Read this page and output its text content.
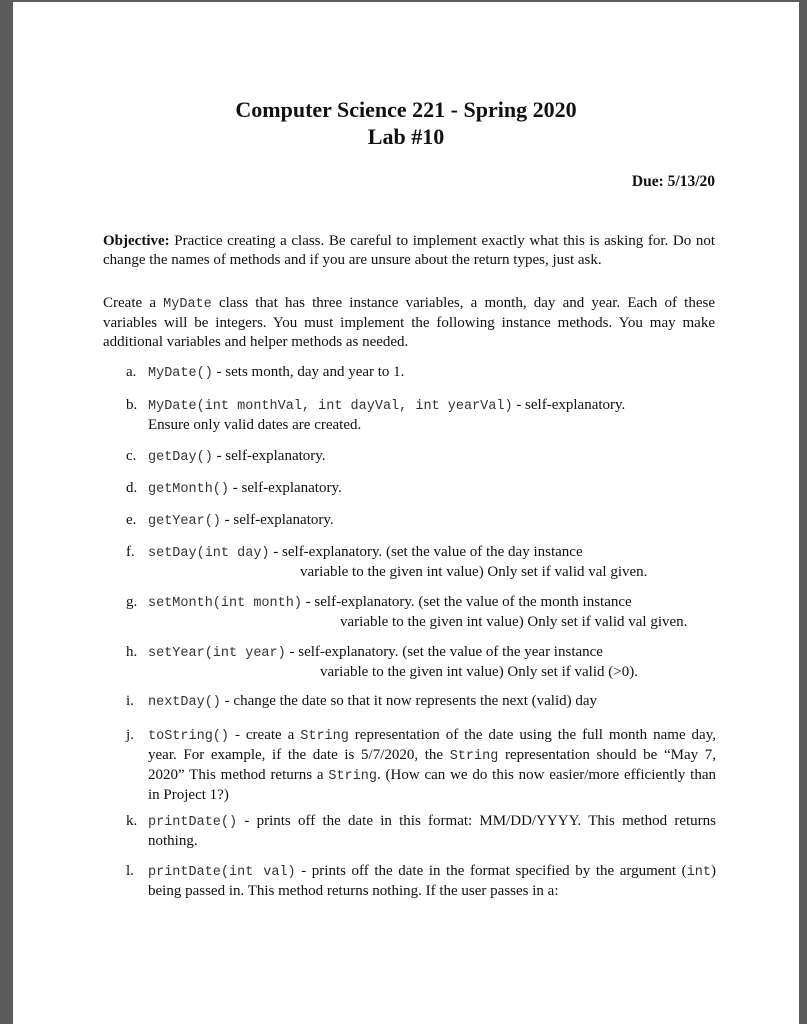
Computer Science 221 - Spring 2020
Lab #10
Due: 5/13/20
Objective: Practice creating a class. Be careful to implement exactly what this is asking for. Do not change the names of methods and if you are unsure about the return types, just ask.
Create a MyDate class that has three instance variables, a month, day and year. Each of these variables will be integers. You must implement the following instance methods. You may make additional variables and helper methods as needed.
a. MyDate() - sets month, day and year to 1.
b. MyDate(int monthVal, int dayVal, int yearVal) - self-explanatory.
Ensure only valid dates are created.
c. getDay() - self-explanatory.
d. getMonth() - self-explanatory.
e. getYear() - self-explanatory.
f. setDay(int day) - self-explanatory. (set the value of the day instance
variable to the given int value) Only set if valid val given.
g. setMonth(int month) - self-explanatory. (set the value of the month instance
variable to the given int value) Only set if valid val given.
h. setYear(int year) - self-explanatory. (set the value of the year instance
variable to the given int value) Only set if valid (>0).
i.	nextDay() - change the date so that it now represents the next (valid) day
j.	toString() - create a String representation of the date using the full month name day, year. For example, if the date is 5/7/2020, the String representation should be “May 7, 2020” This method returns a String. (How can we do this now easier/more efficiently than in Project 1?)
k. printDate() - prints off the date in this format: MM/DD/YYYY. This method returns nothing.
l.	printDate(int val) - prints off the date in the format specified by the argument (int) being passed in. This method returns nothing. If the user passes in a:
